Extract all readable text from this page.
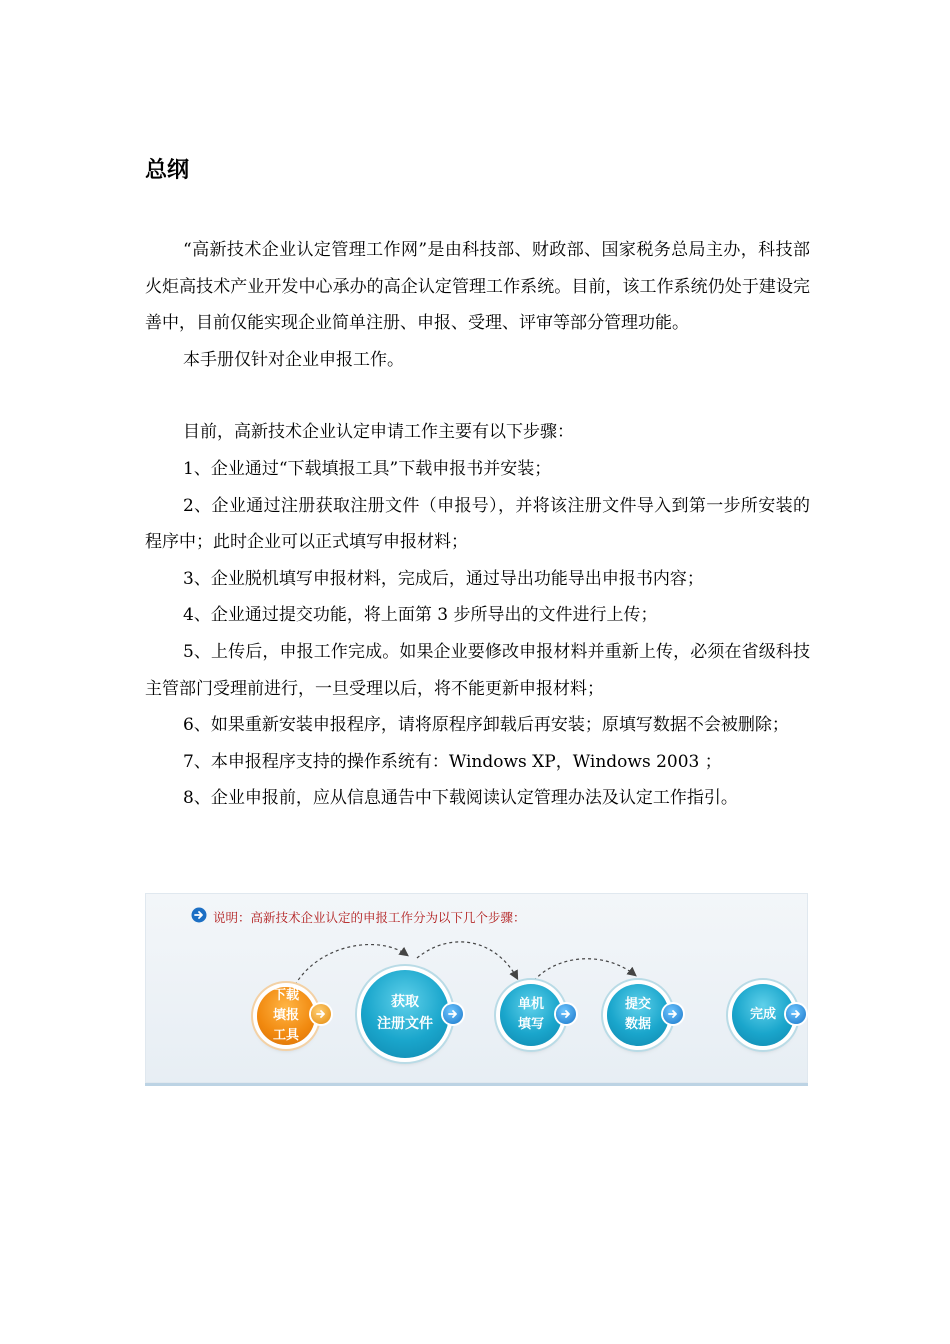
总纲

“高新技术企业认定管理工作网”是由科技部、财政部、国家税务总局主办，科技部火炬高技术产业开发中心承办的高企认定管理工作系统。目前，该工作系统仍处于建设完善中，目前仅能实现企业简单注册、申报、受理、评审等部分管理功能。

本手册仅针对企业申报工作。

目前，高新技术企业认定申请工作主要有以下步骤：

1、企业通过“下载填报工具”下载申报书并安装；

2、企业通过注册获取注册文件（申报号），并将该注册文件导入到第一步所安装的程序中；此时企业可以正式填写申报材料；

3、企业脱机填写申报材料，完成后，通过导出功能导出申报书内容；

4、企业通过提交功能，将上面第 3 步所导出的文件进行上传；

5、上传后，申报工作完成。如果企业要修改申报材料并重新上传，必须在省级科技主管部门受理前进行，一旦受理以后，将不能更新申报材料；

6、如果重新安装申报程序，请将原程序卸载后再安装；原填写数据不会被删除；

7、本申报程序支持的操作系统有：Windows XP，Windows 2003 ；

8、企业申报前，应从信息通告中下载阅读认定管理办法及认定工作指引。

说明：高新技术企业认定的申报工作分为以下几个步骤：

下载
填报
工具
获取
注册文件
单机
填写
提交
数据
完成
